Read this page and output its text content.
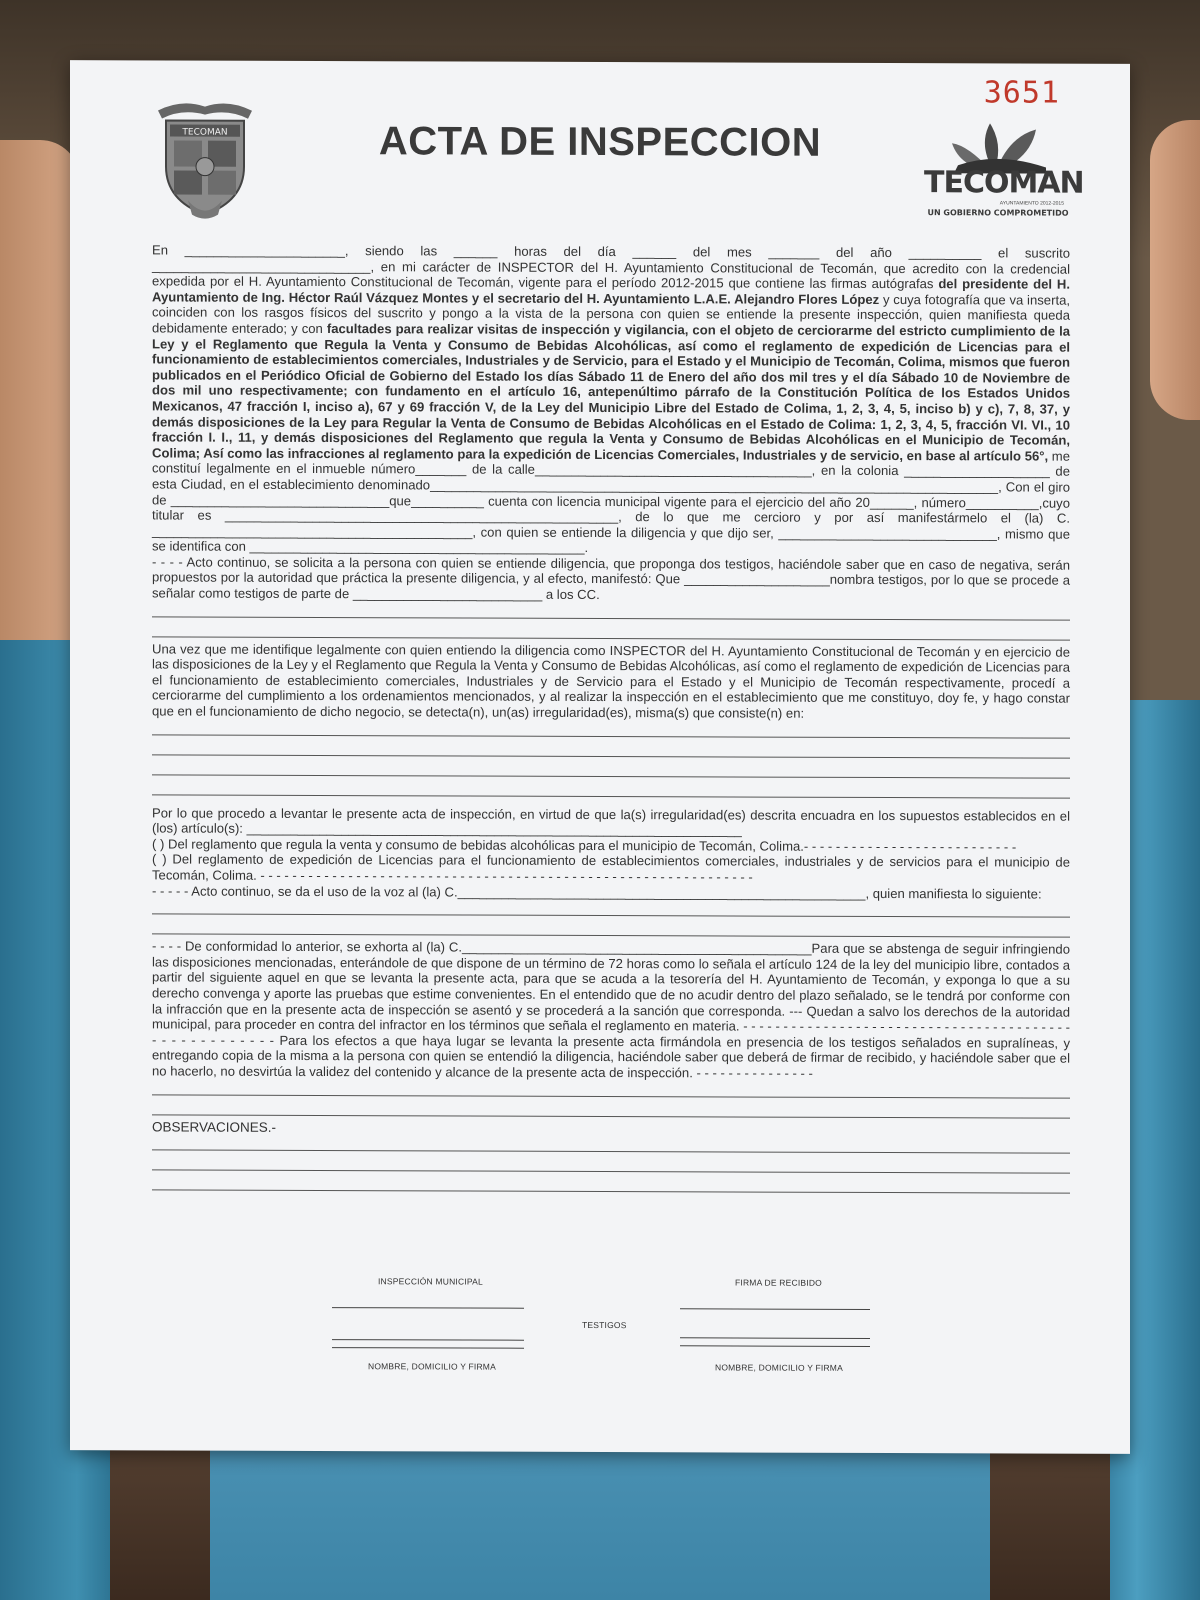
3651
TECOMAN	ACTA DE INSPECCION
TECOMAN
AYUNTAMIENTO 2012-2015
UN GOBIERNO COMPROMETIDO

En ______________________, siendo las ______ horas del día ______ del mes _______ del año __________ el suscrito ______________________________, en mi carácter de INSPECTOR del H. Ayuntamiento Constitucional de Tecomán, que acredito con la credencial expedida por el H. Ayuntamiento Constitucional de Tecomán, vigente para el período 2012-2015 que contiene las firmas autógrafas del presidente del H. Ayuntamiento de Ing. Héctor Raúl Vázquez Montes y el secretario del H. Ayuntamiento L.A.E. Alejandro Flores López y cuya fotografía que va inserta, coinciden con los rasgos físicos del suscrito y pongo a la vista de la persona con quien se entiende la presente inspección, quien manifiesta queda debidamente enterado; y con facultades para realizar visitas de inspección y vigilancia, con el objeto de cerciorarme del estricto cumplimiento de la Ley y el Reglamento que Regula la Venta y Consumo de Bebidas Alcohólicas, así como el reglamento de expedición de Licencias para el funcionamiento de establecimientos comerciales, Industriales y de Servicio, para el Estado y el Municipio de Tecomán, Colima, mismos que fueron publicados en el Periódico Oficial de Gobierno del Estado los días Sábado 11 de Enero del año dos mil tres y el día Sábado 10 de Noviembre de dos mil uno respectivamente; con fundamento en el artículo 16, antepenúltimo párrafo de la Constitución Política de los Estados Unidos Mexicanos, 47 fracción I, inciso a), 67 y 69 fracción V, de la Ley del Municipio Libre del Estado de Colima, 1, 2, 3, 4, 5, inciso b) y c), 7, 8, 37, y demás disposiciones de la Ley para Regular la Venta de Consumo de Bebidas Alcohólicas en el Estado de Colima: 1, 2, 3, 4, 5, fracción VI. VI., 10 fracción I. I., 11, y demás disposiciones del Reglamento que regula la Venta y Consumo de Bebidas Alcohólicas en el Municipio de Tecomán, Colima; Así como las infracciones al reglamento para la expedición de Licencias Comerciales, Industriales y de servicio, en base al artículo 56°, me constituí legalmente en el inmueble número_______ de la calle______________________________________, en la colonia ____________________ de esta Ciudad, en el establecimiento denominado______________________________________________________________________________, Con el giro de ______________________________que__________ cuenta con licencia municipal vigente para el ejercicio del año 20______, número__________,cuyo titular es ______________________________________________________, de lo que me cercioro y por así manifestármelo el (la) C. ____________________________________________, con quien se entiende la diligencia y que dijo ser, ______________________________, mismo que se identifica con ______________________________________________.

- - - - Acto continuo, se solicita a la persona con quien se entiende diligencia, que proponga dos testigos, haciéndole saber que en caso de negativa, serán propuestos por la autoridad que práctica la presente diligencia, y al efecto, manifestó: Que ____________________nombra testigos, por lo que se procede a señalar como testigos de parte de __________________________ a los CC.

Una vez que me identifique legalmente con quien entiendo la diligencia como INSPECTOR del H. Ayuntamiento Constitucional de Tecomán y en ejercicio de las disposiciones de la Ley y el Reglamento que Regula la Venta y Consumo de Bebidas Alcohólicas, así como el reglamento de expedición de Licencias para el funcionamiento de establecimiento comerciales, Industriales y de Servicio para el Estado y el Municipio de Tecomán respectivamente, procedí a cerciorarme del cumplimiento a los ordenamientos mencionados, y al realizar la inspección en el establecimiento que me constituyo, doy fe, y hago constar que en el funcionamiento de dicho negocio, se detecta(n), un(as) irregularidad(es), misma(s) que consiste(n) en:

Por lo que procedo a levantar le presente acta de inspección, en virtud de que la(s) irregularidad(es) descrita encuadra en los supuestos establecidos en el (los) artículo(s): ____________________________________________________________________

( ) Del reglamento que regula la venta y consumo de bebidas alcohólicas para el municipio de Tecomán, Colima.- - - - - - - - - - - - - - - - - - - - - - - - - - -

( ) Del reglamento de expedición de Licencias para el funcionamiento de establecimientos comerciales, industriales y de servicios para el municipio de Tecomán, Colima. - - - - - - - - - - - - - - - - - - - - - - - - - - - - - - - - - - - - - - - - - - - - - - - - - - - - - - - - - - - - - -

- - - - - Acto continuo, se da el uso de la voz al (la) C.________________________________________________________, quien manifiesta lo siguiente:

- - - - De conformidad lo anterior, se exhorta al (la) C.________________________________________________Para que se abstenga de seguir infringiendo las disposiciones mencionadas, enterándole de que dispone de un término de 72 horas como lo señala el artículo 124 de la ley del municipio libre, contados a partir del siguiente aquel en que se levanta la presente acta, para que se acuda a la tesorería del H. Ayuntamiento de Tecomán, y exponga lo que a su derecho convenga y aporte las pruebas que estime convenientes. En el entendido que de no acudir dentro del plazo señalado, se le tendrá por conforme con la infracción que en la presente acta de inspección se asentó y se procederá a la sanción que corresponda. --- Quedan a salvo los derechos de la autoridad municipal, para proceder en contra del infractor en los términos que señala el reglamento en materia. - - - - - - - - - - - - - - - - - - - - - - - - - - - - - - - - - - - - - - - - - - - - - - - - - - - - - - Para los efectos a que haya lugar se levanta la presente acta firmándola en presencia de los testigos señalados en supralíneas, y entregando copia de la misma a la persona con quien se entendió la diligencia, haciéndole saber que deberá de firmar de recibido, y haciéndole saber que el no hacerlo, no desvirtúa la validez del contenido y alcance de la presente acta de inspección. - - - - - - - - - - - - - - -

OBSERVACIONES.-

INSPECCIÓN MUNICIPAL	FIRMA DE RECIBIDO
TESTIGOS
NOMBRE, DOMICILIO Y FIRMA	NOMBRE, DOMICILIO Y FIRMA
